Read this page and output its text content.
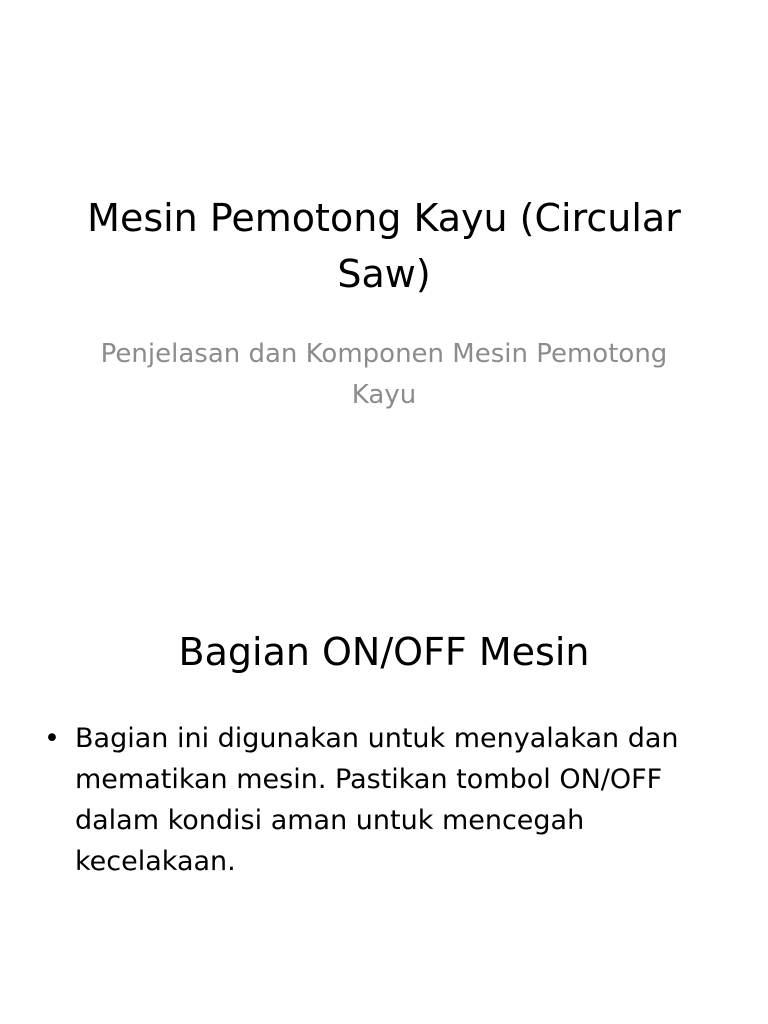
Mesin Pemotong Kayu (Circular Saw)

Penjelasan dan Komponen Mesin Pemotong Kayu

Bagian ON/OFF Mesin
• Bagian ini digunakan untuk menyalakan dan mematikan mesin. Pastikan tombol ON/OFF dalam kondisi aman untuk mencegah kecelakaan.
